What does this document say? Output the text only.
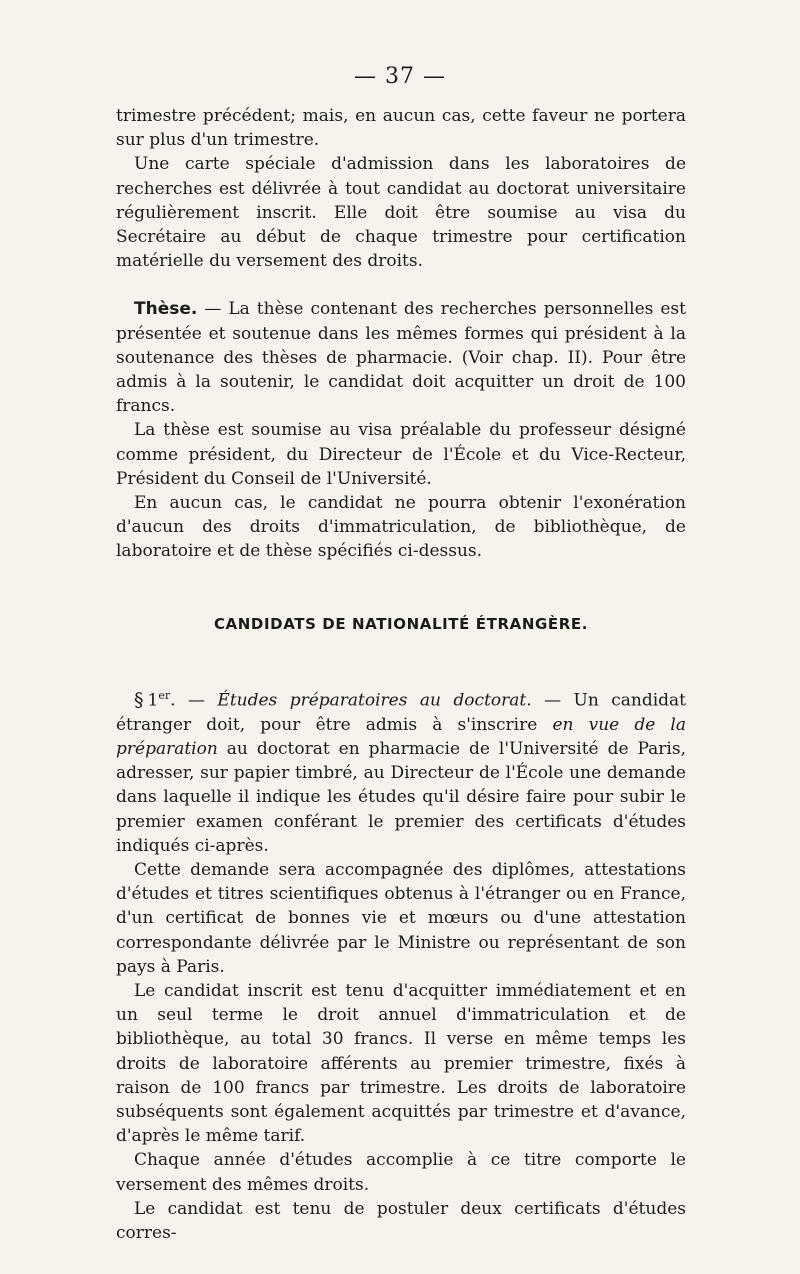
— 37 —

trimestre précédent; mais, en aucun cas, cette faveur ne portera sur plus d'un trimestre.

Une carte spéciale d'admission dans les laboratoires de recherches est délivrée à tout candidat au doctorat universitaire régulièrement inscrit. Elle doit être soumise au visa du Secrétaire au début de chaque trimestre pour certification matérielle du versement des droits.

Thèse. — La thèse contenant des recherches personnelles est présentée et soutenue dans les mêmes formes qui président à la soutenance des thèses de pharmacie. (Voir chap. II). Pour être admis à la soutenir, le candidat doit acquitter un droit de 100 francs.

La thèse est soumise au visa préalable du professeur désigné comme président, du Directeur de l'École et du Vice-Recteur, Président du Conseil de l'Université.

En aucun cas, le candidat ne pourra obtenir l'exonération d'aucun des droits d'immatriculation, de bibliothèque, de laboratoire et de thèse spécifiés ci-dessus.

CANDIDATS DE NATIONALITÉ ÉTRANGÈRE.

§ 1er. — Études préparatoires au doctorat. — Un candidat étranger doit, pour être admis à s'inscrire en vue de la préparation au doctorat en pharmacie de l'Université de Paris, adresser, sur papier timbré, au Directeur de l'École une demande dans laquelle il indique les études qu'il désire faire pour subir le premier examen conférant le premier des certificats d'études indiqués ci-après.

Cette demande sera accompagnée des diplômes, attestations d'études et titres scientifiques obtenus à l'étranger ou en France, d'un certificat de bonnes vie et mœurs ou d'une attestation correspondante délivrée par le Ministre ou représentant de son pays à Paris.

Le candidat inscrit est tenu d'acquitter immédiatement et en un seul terme le droit annuel d'immatriculation et de bibliothèque, au total 30 francs. Il verse en même temps les droits de laboratoire afférents au premier trimestre, fixés à raison de 100 francs par trimestre. Les droits de laboratoire subséquents sont également acquittés par trimestre et d'avance, d'après le même tarif.

Chaque année d'études accomplie à ce titre comporte le versement des mêmes droits.

Le candidat est tenu de postuler deux certificats d'études corres-
